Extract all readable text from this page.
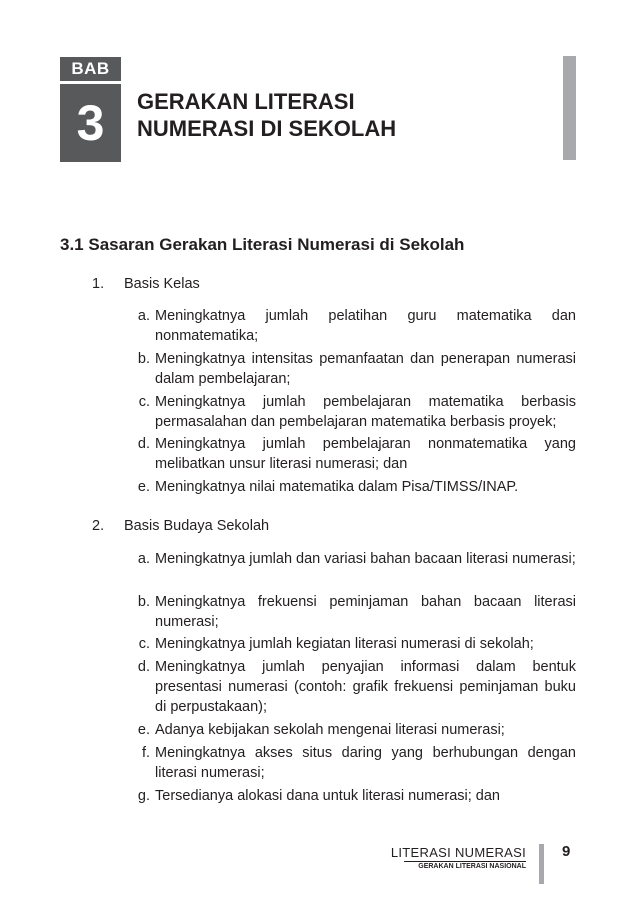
BAB
3	GERAKAN LITERASI
NUMERASI DI SEKOLAH
3.1 Sasaran Gerakan Literasi Numerasi di Sekolah
1. Basis Kelas
a. Meningkatnya jumlah pelatihan guru matematika dan nonmatematika;
b. Meningkatnya intensitas pemanfaatan dan penerapan numerasi dalam pembelajaran;
c. Meningkatnya jumlah pembelajaran matematika berbasis permasalahan dan pembelajaran matematika berbasis proyek;
d. Meningkatnya jumlah pembelajaran nonmatematika yang melibatkan unsur literasi numerasi; dan
e. Meningkatnya nilai matematika dalam Pisa/TIMSS/INAP.
2. Basis Budaya Sekolah
a. Meningkatnya jumlah dan variasi bahan bacaan literasi numerasi;
b. Meningkatnya frekuensi peminjaman bahan bacaan literasi numerasi;
c. Meningkatnya jumlah kegiatan literasi numerasi di sekolah;
d. Meningkatnya jumlah penyajian informasi dalam bentuk presentasi numerasi (contoh: grafik frekuensi peminjaman buku di perpustakaan);
e. Adanya kebijakan sekolah mengenai literasi numerasi;
f. Meningkatnya akses situs daring yang berhubungan dengan literasi numerasi;
g. Tersedianya alokasi dana untuk literasi numerasi; dan
LITERASI NUMERASI
GERAKAN LITERASI NASIONAL
9
